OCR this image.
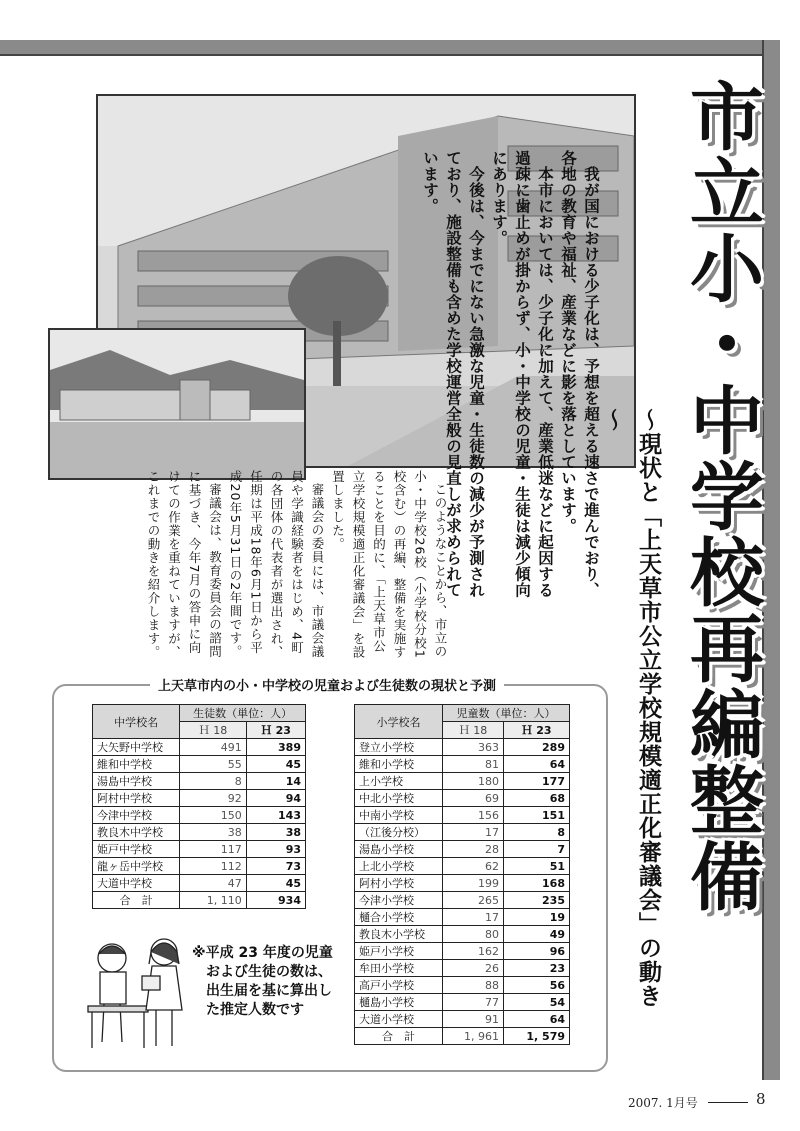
市立小・中学校再編整備
～現状と「上天草市公立学校規模適正化審議会」の動き～

我が国における少子化は、予想を超える速さで進んでおり、各地の教育や福祉、産業などに影を落としています。

本市においては、少子化に加えて、産業低迷などに起因する過疎に歯止めが掛からず、小・中学校の児童・生徒は減少傾向にあります。

今後は、今までにない急激な児童・生徒数の減少が予測されており、施設整備も含めた学校運営全般の見直しが求められています。

このようなことから、市立の小・中学校26校（小学校分校1校含む）の再編、整備を実施することを目的に、「上天草市公立学校規模適正化審議会」を設置しました。

審議会の委員には、市議会議員や学識経験者をはじめ、4町の各団体の代表者が選出され、任期は平成18年6月1日から平成20年5月31日の2年間です。

審議会は、教育委員会の諮問に基づき、今年7月の答申に向けての作業を重ねていますが、これまでの動きを紹介します。

上天草市内の小・中学校の児童および生徒数の現状と予測
中学校名	生徒数（単位：人）	
	Ｈ 18	Ｈ 23
大矢野中学校	491	389
維和中学校	55	45
湯島中学校	8	14
阿村中学校	92	94
今津中学校	150	143
教良木中学校	38	38
姫戸中学校	117	93
龍ヶ岳中学校	112	73
大道中学校	47	45
合　計	1, 110	934
小学校名	児童数（単位：人）	
	Ｈ 18	Ｈ 23
登立小学校	363	289
維和小学校	81	64
上小学校	180	177
中北小学校	69	68
中南小学校	156	151
（江後分校）	17	8
湯島小学校	28	7
上北小学校	62	51
阿村小学校	199	168
今津小学校	265	235
樋合小学校	17	19
教良木小学校	80	49
姫戸小学校	162	96
牟田小学校	26	23
高戸小学校	88	56
樋島小学校	77	54
大道小学校	91	64
合　計	1, 961	1, 579
※平成 23 年度の児童

および生徒の数は、
出生届を基に算出し
た推定人数です
2007. 1月号	8
